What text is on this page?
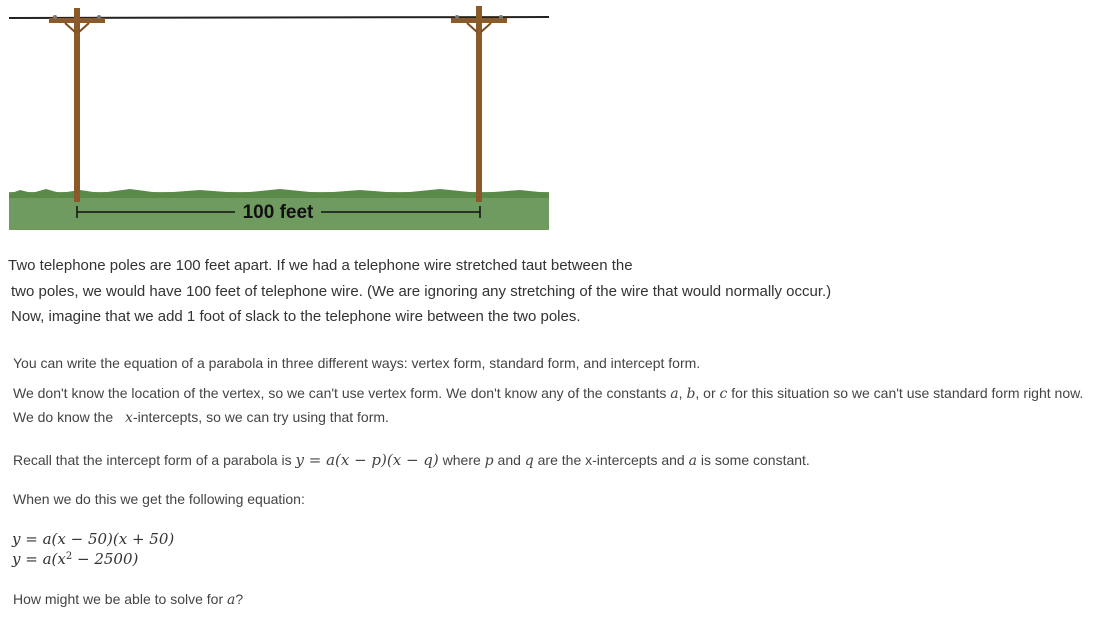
100 feet
Two telephone poles are 100 feet apart. If we had a telephone wire stretched taut between the
two poles, we would have 100 feet of telephone wire. (We are ignoring any stretching of the wire that would normally occur.)
Now, imagine that we add 1 foot of slack to the telephone wire between the two poles.
You can write the equation of a parabola in three different ways: vertex form, standard form, and intercept form.
We don't know the location of the vertex, so we can't use vertex form. We don't know any of the constants a, b, or c for this situation so we can't use standard form right now.
We do know the x-intercepts, so we can try using that form.
Recall that the intercept form of a parabola is y = a(x − p)(x − q) where p and q are the x-intercepts and a is some constant.
When we do this we get the following equation:
y = a(x − 50)(x + 50)
$y = a(x^2 - 2500)$
How might we be able to solve for a?
